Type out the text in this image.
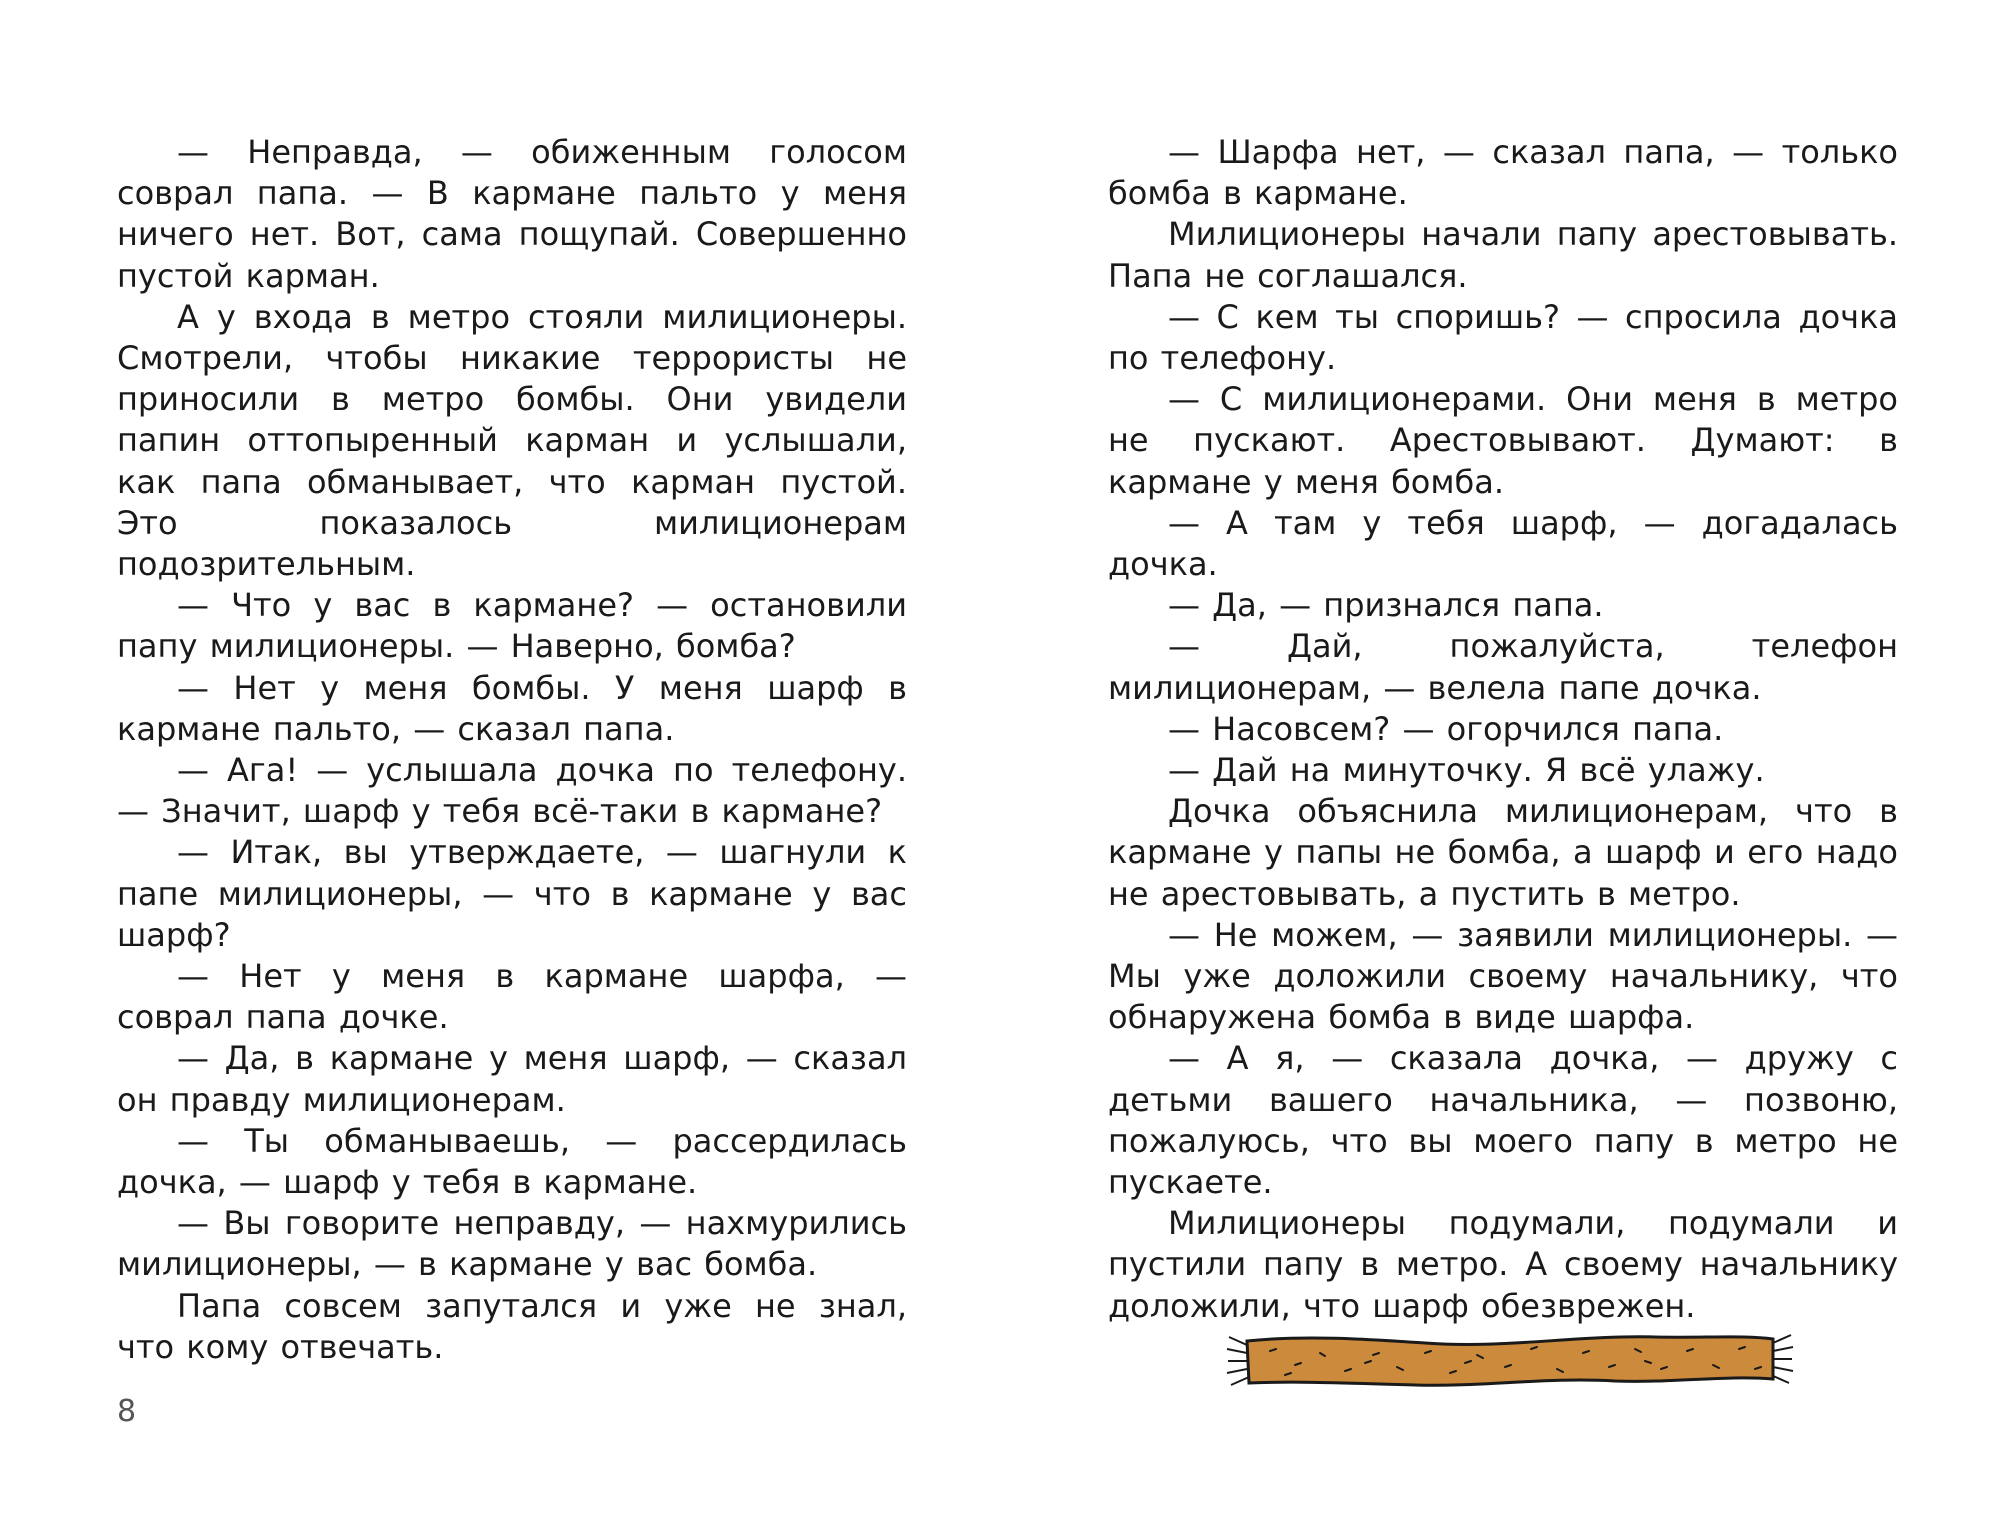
— Неправда, — обиженным голосом соврал папа. — В кармане пальто у меня ничего нет. Вот, сама пощупай. Совершенно пустой карман.

А у входа в метро стояли милиционеры. Смотрели, чтобы никакие террористы не приносили в метро бомбы. Они увидели папин оттопыренный карман и услышали, как папа обманывает, что карман пустой. Это показалось милиционерам подозрительным.

— Что у вас в кармане? — остановили папу милиционеры. — Наверно, бомба?

— Нет у меня бомбы. У меня шарф в кармане пальто, — сказал папа.

— Ага! — услышала дочка по телефону. — Значит, шарф у тебя всё-таки в кармане?

— Итак, вы утверждаете, — шагнули к папе милиционеры, — что в кармане у вас шарф?

— Нет у меня в кармане шарфа, — соврал папа дочке.

— Да, в кармане у меня шарф, — сказал он правду милиционерам.

— Ты обманываешь, — рассердилась дочка, — шарф у тебя в кармане.

— Вы говорите неправду, — нахмурились милиционеры, — в кармане у вас бомба.

Папа совсем запутался и уже не знал, что кому отвечать.

— Шарфа нет, — сказал папа, — только бомба в кармане.

Милиционеры начали папу арестовывать. Папа не соглашался.

— С кем ты споришь? — спросила дочка по телефону.

— С милиционерами. Они меня в метро не пускают. Арестовывают. Думают: в кармане у меня бомба.

— А там у тебя шарф, — догадалась дочка.

— Да, — признался папа.

— Дай, пожалуйста, телефон милиционерам, — велела папе дочка.

— Насовсем? — огорчился папа.

— Дай на минуточку. Я всё улажу.

Дочка объяснила милиционерам, что в кармане у папы не бомба, а шарф и его надо не арестовывать, а пустить в метро.

— Не можем, — заявили милиционеры. — Мы уже доложили своему начальнику, что обнаружена бомба в виде шарфа.

— А я, — сказала дочка, — дружу с детьми вашего начальника, — позвоню, пожалуюсь, что вы моего папу в метро не пускаете.

Милиционеры подумали, подумали и пустили папу в метро. А своему начальнику доложили, что шарф обезврежен.

8
